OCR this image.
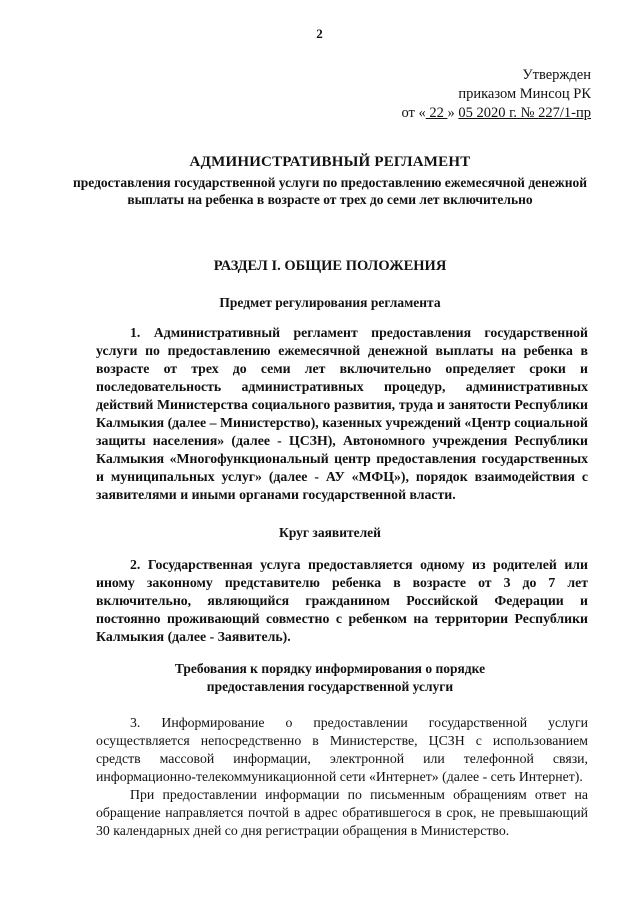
2
Утвержден
приказом Минсоц РК
от « 22 » 05 2020 г. № 227/1-пр
АДМИНИСТРАТИВНЫЙ РЕГЛАМЕНТ
предоставления государственной услуги по предоставлению ежемесячной денежной выплаты на ребенка в возрасте от трех до семи лет включительно
РАЗДЕЛ I. ОБЩИЕ ПОЛОЖЕНИЯ
Предмет регулирования регламента

1. Административный регламент предоставления государственной услуги по предоставлению ежемесячной денежной выплаты на ребенка в возрасте от трех до семи лет включительно определяет сроки и последовательность административных процедур, административных действий Министерства социального развития, труда и занятости Республики Калмыкия (далее – Министерство), казенных учреждений «Центр социальной защиты населения» (далее - ЦСЗН), Автономного учреждения Республики Калмыкия «Многофункциональный центр предоставления государственных и муниципальных услуг» (далее - АУ «МФЦ»), порядок взаимодействия с заявителями и иными органами государственной власти.

Круг заявителей

2. Государственная услуга предоставляется одному из родителей или иному законному представителю ребенка в возрасте от 3 до 7 лет включительно, являющийся гражданином Российской Федерации и постоянно проживающий совместно с ребенком на территории Республики Калмыкия (далее - Заявитель).

Требования к порядку информирования о порядке предоставления государственной услуги

3. Информирование о предоставлении государственной услуги осуществляется непосредственно в Министерстве, ЦСЗН с использованием средств массовой информации, электронной или телефонной связи, информационно-телекоммуникационной сети «Интернет» (далее - сеть Интернет).

При предоставлении информации по письменным обращениям ответ на обращение направляется почтой в адрес обратившегося в срок, не превышающий 30 календарных дней со дня регистрации обращения в Министерство.
